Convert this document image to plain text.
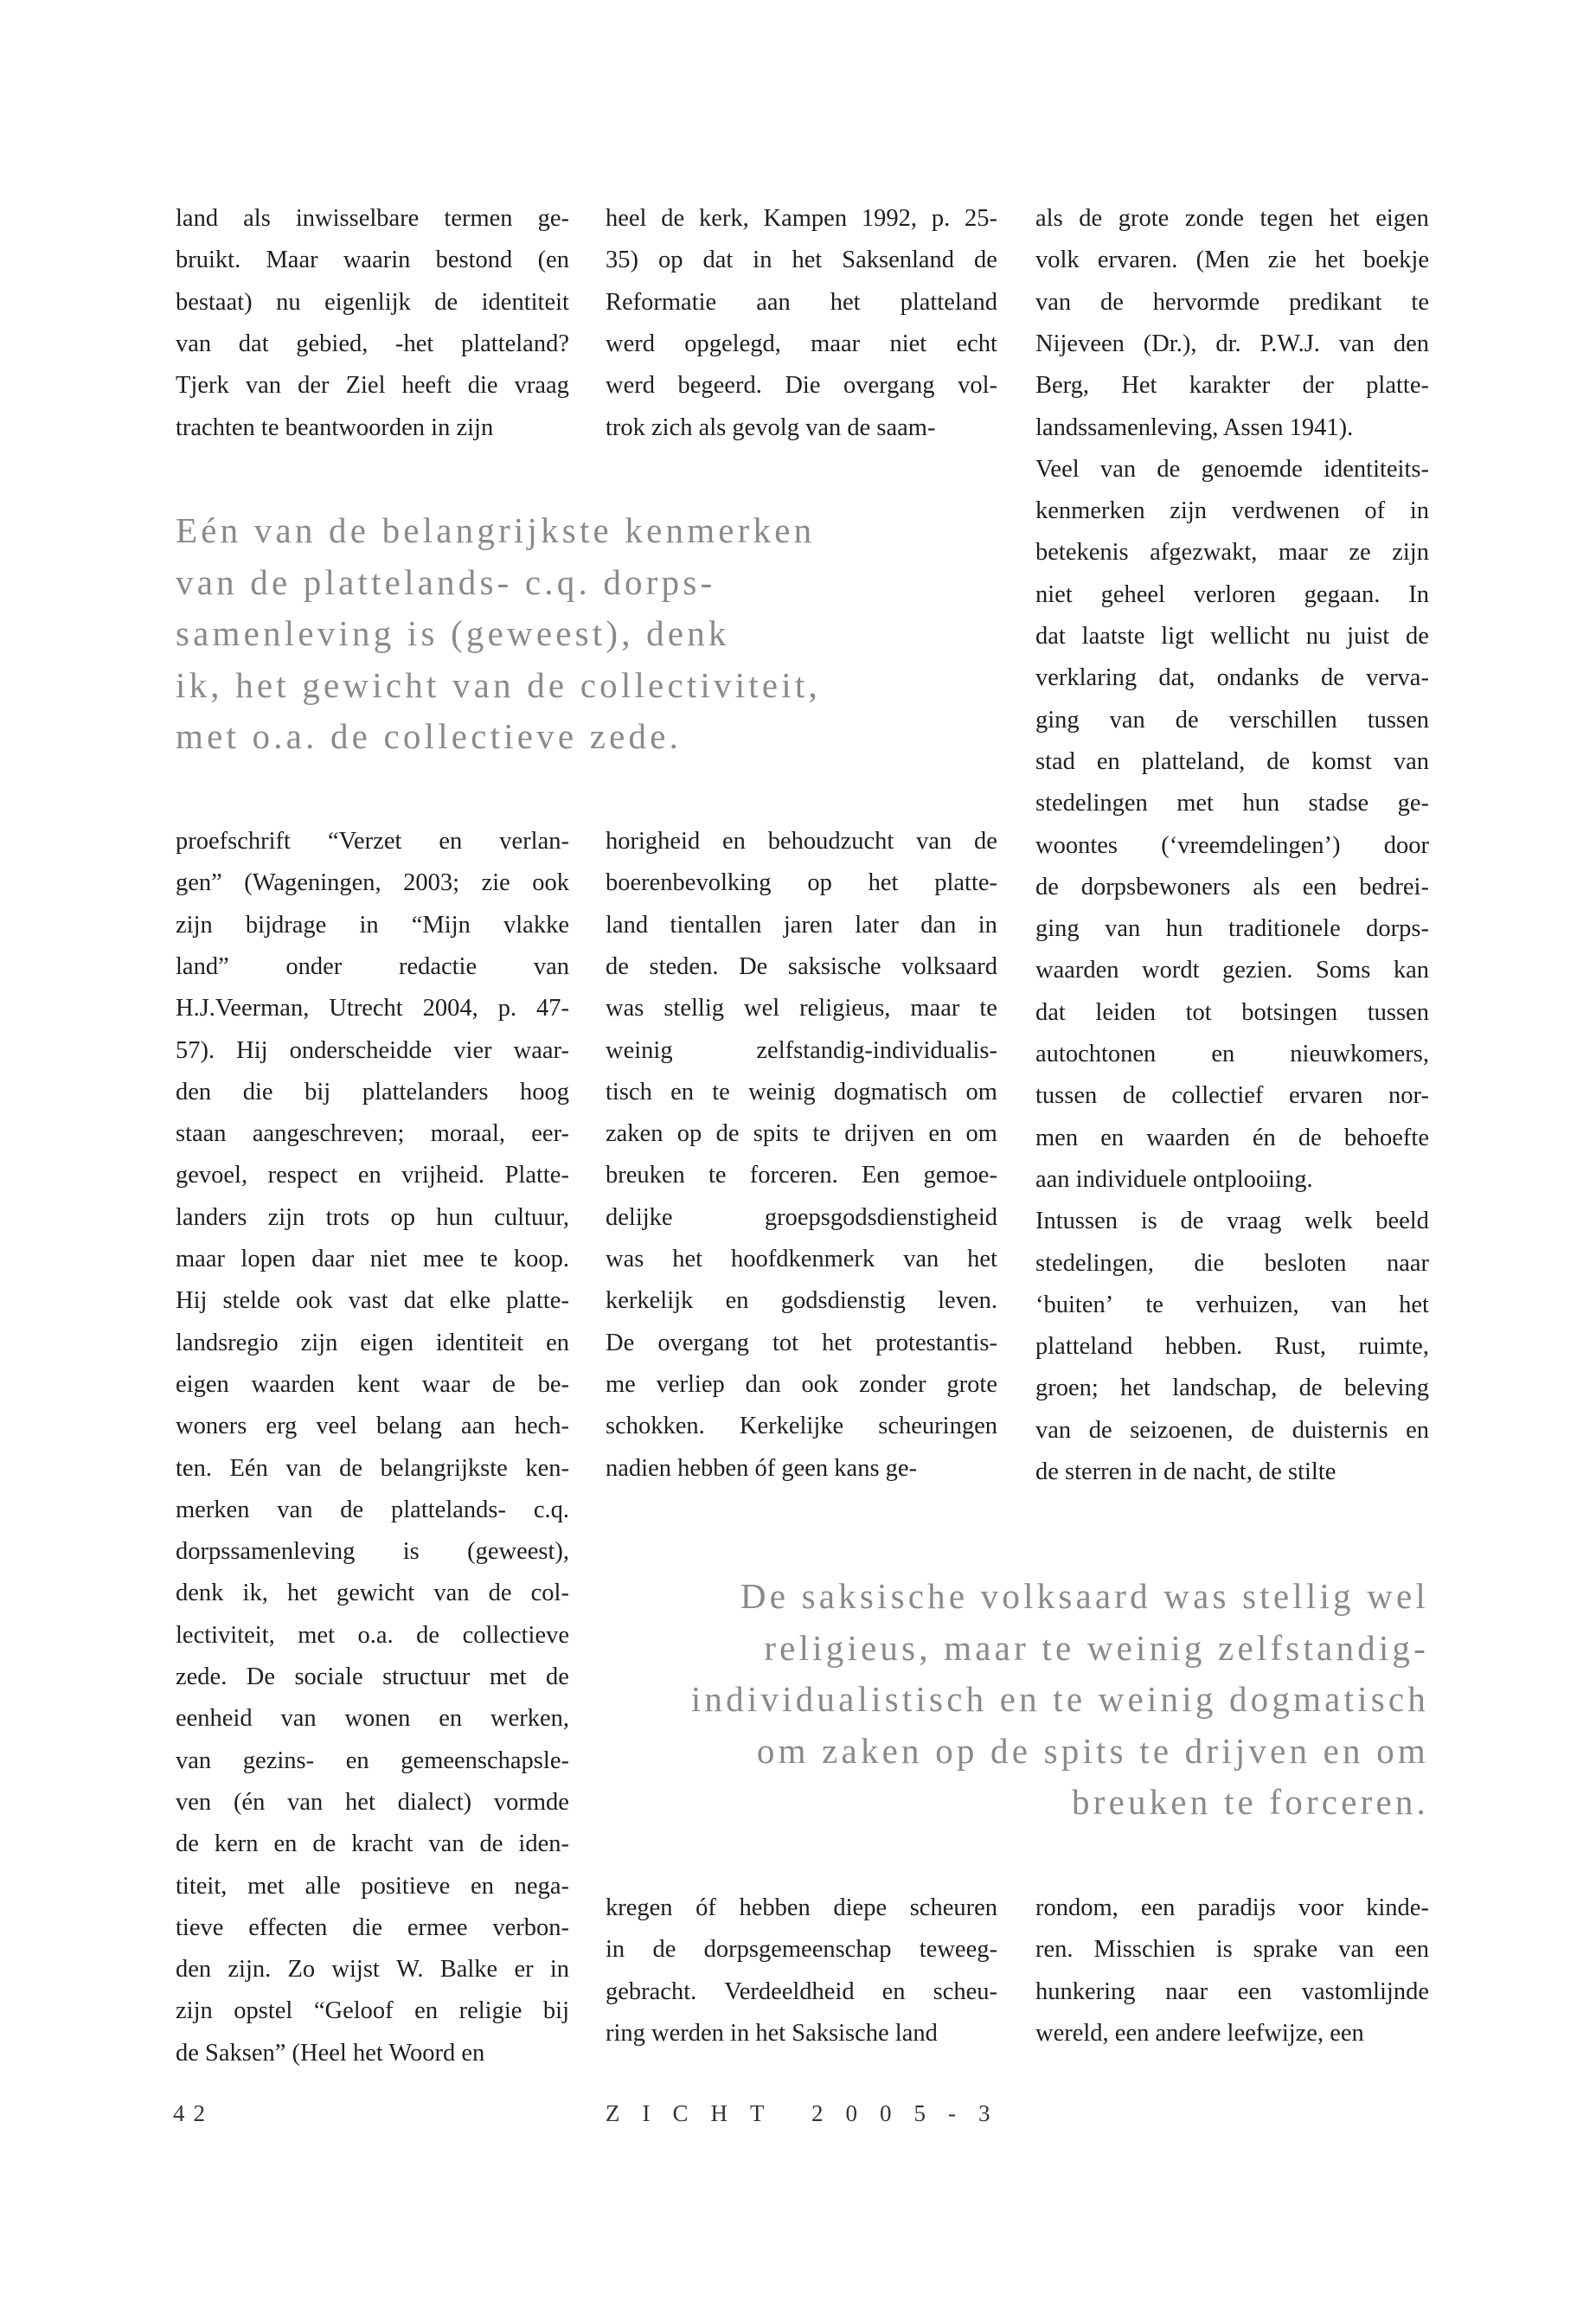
land als inwisselbare termen ge-
bruikt. Maar waarin bestond (en
bestaat) nu eigenlijk de identiteit
van dat gebied, -het platteland?
Tjerk van der Ziel heeft die vraag
trachten te beantwoorden in zijn
heel de kerk, Kampen 1992, p. 25-
35) op dat in het Saksenland de
Reformatie aan het platteland
werd opgelegd, maar niet echt
werd begeerd. Die overgang vol-
trok zich als gevolg van de saam-
als de grote zonde tegen het eigen
volk ervaren. (Men zie het boekje
van de hervormde predikant te
Nijeveen (Dr.), dr. P.W.J. van den
Berg, Het karakter der platte-
landssamenleving, Assen 1941).
Veel van de genoemde identiteits-
kenmerken zijn verdwenen of in
betekenis afgezwakt, maar ze zijn
niet geheel verloren gegaan. In
dat laatste ligt wellicht nu juist de
verklaring dat, ondanks de verva-
ging van de verschillen tussen
stad en platteland, de komst van
stedelingen met hun stadse ge-
woontes (‘vreemdelingen’) door
de dorpsbewoners als een bedrei-
ging van hun traditionele dorps-
waarden wordt gezien. Soms kan
dat leiden tot botsingen tussen
autochtonen en nieuwkomers,
tussen de collectief ervaren nor-
men en waarden én de behoefte
aan individuele ontplooiing.
Intussen is de vraag welk beeld
stedelingen, die besloten naar
‘buiten’ te verhuizen, van het
platteland hebben. Rust, ruimte,
groen; het landschap, de beleving
van de seizoenen, de duisternis en
de sterren in de nacht, de stilte
Eén van de belangrijkste kenmerken
van de plattelands- c.q. dorps-
samenleving is (geweest), denk
ik, het gewicht van de collectiviteit,
met o.a. de collectieve zede.
proefschrift “Verzet en verlan-
gen” (Wageningen, 2003; zie ook
zijn bijdrage in “Mijn vlakke
land” onder redactie van
H.J.Veerman, Utrecht 2004, p. 47-
57). Hij onderscheidde vier waar-
den die bij plattelanders hoog
staan aangeschreven; moraal, eer-
gevoel, respect en vrijheid. Platte-
landers zijn trots op hun cultuur,
maar lopen daar niet mee te koop.
Hij stelde ook vast dat elke platte-
landsregio zijn eigen identiteit en
eigen waarden kent waar de be-
woners erg veel belang aan hech-
ten. Eén van de belangrijkste ken-
merken van de plattelands- c.q.
dorpssamenleving is (geweest),
denk ik, het gewicht van de col-
lectiviteit, met o.a. de collectieve
zede. De sociale structuur met de
eenheid van wonen en werken,
van gezins- en gemeenschapsle-
ven (én van het dialect) vormde
de kern en de kracht van de iden-
titeit, met alle positieve en nega-
tieve effecten die ermee verbon-
den zijn. Zo wijst W. Balke er in
zijn opstel “Geloof en religie bij
de Saksen” (Heel het Woord en
horigheid en behoudzucht van de
boerenbevolking op het platte-
land tientallen jaren later dan in
de steden. De saksische volksaard
was stellig wel religieus, maar te
weinig	zelfstandig-individualis-
tisch en te weinig dogmatisch om
zaken op de spits te drijven en om
breuken te forceren. Een gemoe-
delijke	groepsgodsdienstigheid
was het hoofdkenmerk van het
kerkelijk en godsdienstig leven.
De overgang tot het protestantis-
me verliep dan ook zonder grote
schokken. Kerkelijke scheuringen
nadien hebben óf geen kans ge-
De saksische volksaard was stellig wel
religieus, maar te weinig zelfstandig-
individualistisch en te weinig dogmatisch
om zaken op de spits te drijven en om
breuken te forceren.
kregen óf hebben diepe scheuren
in de dorpsgemeenschap teweeg-
gebracht. Verdeeldheid en scheu-
ring werden in het Saksische land
rondom, een paradijs voor kinde-
ren. Misschien is sprake van een
hunkering naar een vastomlijnde
wereld, een andere leefwijze, een
42	ZICHT 2005-3
